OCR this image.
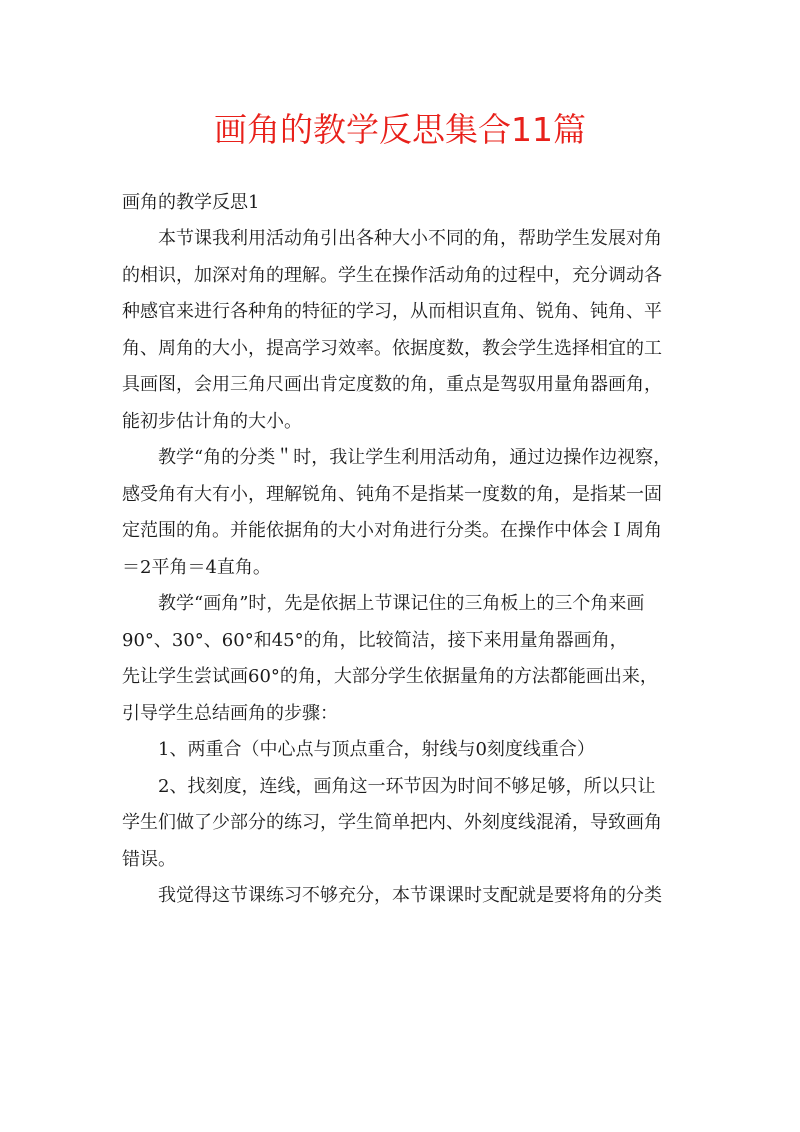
画角的教学反思集合11篇
画角的教学反思1
本节课我利用活动角引出各种大小不同的角，帮助学生发展对角
的相识，加深对角的理解。学生在操作活动角的过程中，充分调动各
种感官来进行各种角的特征的学习，从而相识直角、锐角、钝角、平
角、周角的大小，提高学习效率。依据度数，教会学生选择相宜的工
具画图，会用三角尺画出肯定度数的角，重点是驾驭用量角器画角，
能初步估计角的大小。
教学“角的分类＂时，我让学生利用活动角，通过边操作边视察，
感受角有大有小，理解锐角、钝角不是指某一度数的角，是指某一固
定范围的角。并能依据角的大小对角进行分类。在操作中体会Ｉ周角
＝2平角＝4直角。
教学“画角”时，先是依据上节课记住的三角板上的三个角来画
90°、30°、60°和45°的角，比较简洁，接下来用量角器画角，
先让学生尝试画60°的角，大部分学生依据量角的方法都能画出来，
引导学生总结画角的步骤：
1、两重合（中心点与顶点重合，射线与0刻度线重合）
2、找刻度，连线，画角这一环节因为时间不够足够，所以只让
学生们做了少部分的练习，学生简单把内、外刻度线混淆，导致画角
错误。
我觉得这节课练习不够充分，本节课课时支配就是要将角的分类
